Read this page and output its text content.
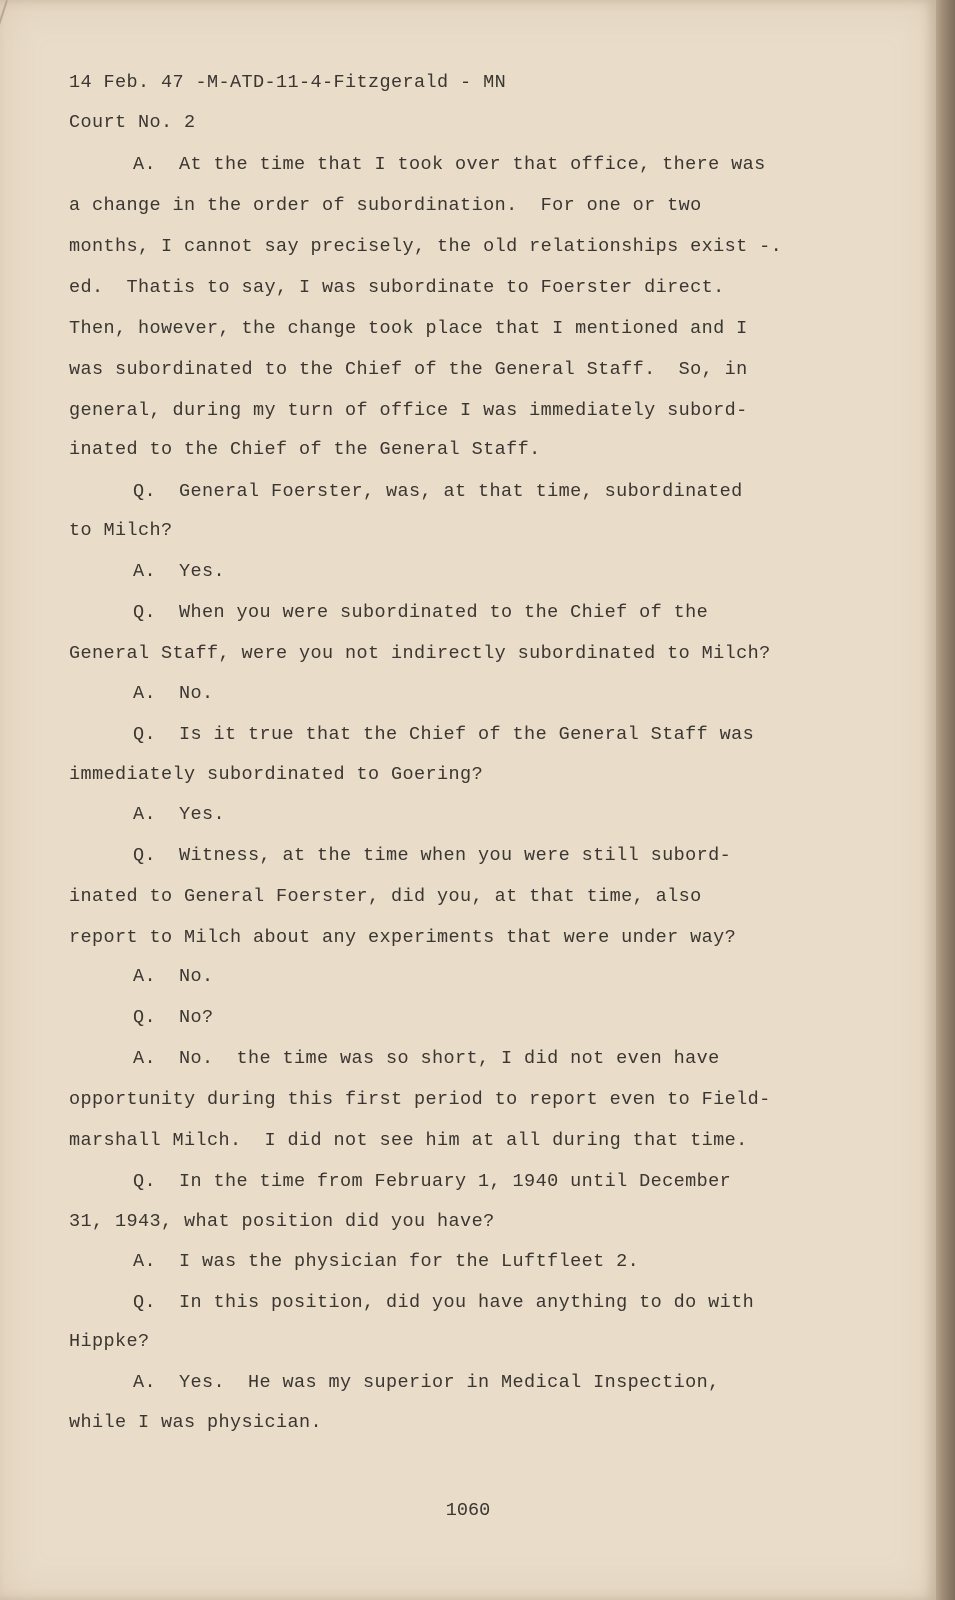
14 Feb. 47 -M-ATD-11-4-Fitzgerald - MN

Court No. 2

A.  At the time that I took over that office, there was

a change in the order of subordination.  For one or two

months, I cannot say precisely, the old relationships exist -.

ed.  Thatis to say, I was subordinate to Foerster direct.

Then, however, the change took place that I mentioned and I

was subordinated to the Chief of the General Staff.  So, in

general, during my turn of office I was immediately subord-

inated to the Chief of the General Staff.

Q.  General Foerster, was, at that time, subordinated

to Milch?

A.  Yes.

Q.  When you were subordinated to the Chief of the

General Staff, were you not indirectly subordinated to Milch?

A.  No.

Q.  Is it true that the Chief of the General Staff was

immediately subordinated to Goering?

A.  Yes.

Q.  Witness, at the time when you were still subord-

inated to General Foerster, did you, at that time, also

report to Milch about any experiments that were under way?

A.  No.

Q.  No?

A.  No.  the time was so short, I did not even have

opportunity during this first period to report even to Field-

marshall Milch.  I did not see him at all during that time.

Q.  In the time from February 1, 1940 until December

31, 1943, what position did you have?

A.  I was the physician for the Luftfleet 2.

Q.  In this position, did you have anything to do with

Hippke?

A.  Yes.  He was my superior in Medical Inspection,

while I was physician.

1060
